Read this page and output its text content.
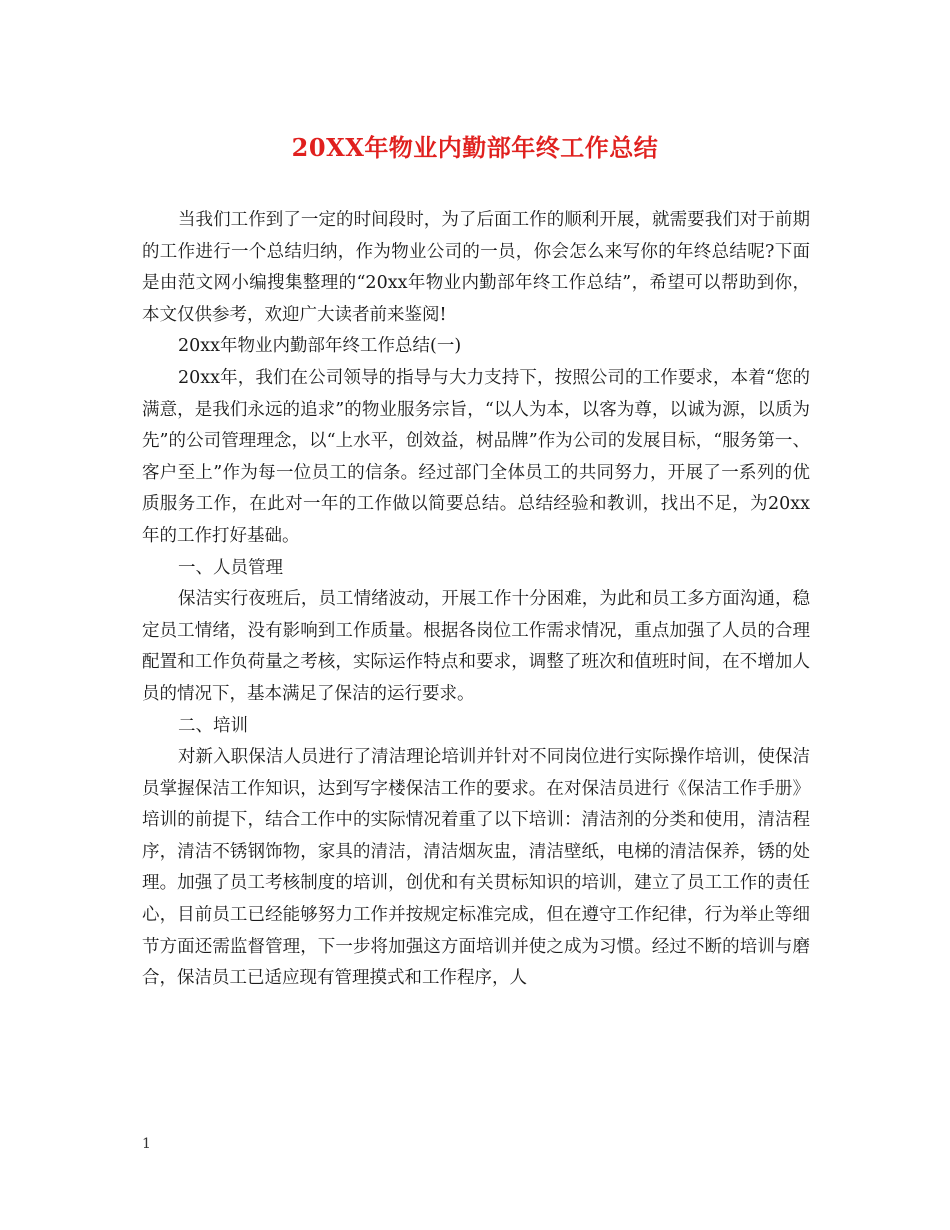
20XX年物业内勤部年终工作总结

当我们工作到了一定的时间段时，为了后面工作的顺利开展，就需要我们对于前期的工作进行一个总结归纳，作为物业公司的一员，你会怎么来写你的年终总结呢?下面是由范文网小编搜集整理的“20xx年物业内勤部年终工作总结”，希望可以帮助到你，本文仅供参考，欢迎广大读者前来鉴阅!

20xx年物业内勤部年终工作总结(一)

20xx年，我们在公司领导的指导与大力支持下，按照公司的工作要求，本着“您的满意，是我们永远的追求”的物业服务宗旨，“以人为本，以客为尊，以诚为源，以质为先”的公司管理理念，以“上水平，创效益，树品牌”作为公司的发展目标，“服务第一、客户至上”作为每一位员工的信条。经过部门全体员工的共同努力，开展了一系列的优质服务工作，在此对一年的工作做以简要总结。总结经验和教训，找出不足，为20xx年的工作打好基础。

一、人员管理

保洁实行夜班后，员工情绪波动，开展工作十分困难，为此和员工多方面沟通，稳定员工情绪，没有影响到工作质量。根据各岗位工作需求情况，重点加强了人员的合理配置和工作负荷量之考核，实际运作特点和要求，调整了班次和值班时间，在不增加人员的情况下，基本满足了保洁的运行要求。

二、培训

对新入职保洁人员进行了清洁理论培训并针对不同岗位进行实际操作培训，使保洁员掌握保洁工作知识，达到写字楼保洁工作的要求。在对保洁员进行《保洁工作手册》培训的前提下，结合工作中的实际情况着重了以下培训：清洁剂的分类和使用，清洁程序，清洁不锈钢饰物，家具的清洁，清洁烟灰盅，清洁壁纸，电梯的清洁保养，锈的处理。加强了员工考核制度的培训，创优和有关贯标知识的培训，建立了员工工作的责任心，目前员工已经能够努力工作并按规定标准完成，但在遵守工作纪律，行为举止等细节方面还需监督管理，下一步将加强这方面培训并使之成为习惯。经过不断的培训与磨合，保洁员工已适应现有管理摸式和工作程序，人

1
